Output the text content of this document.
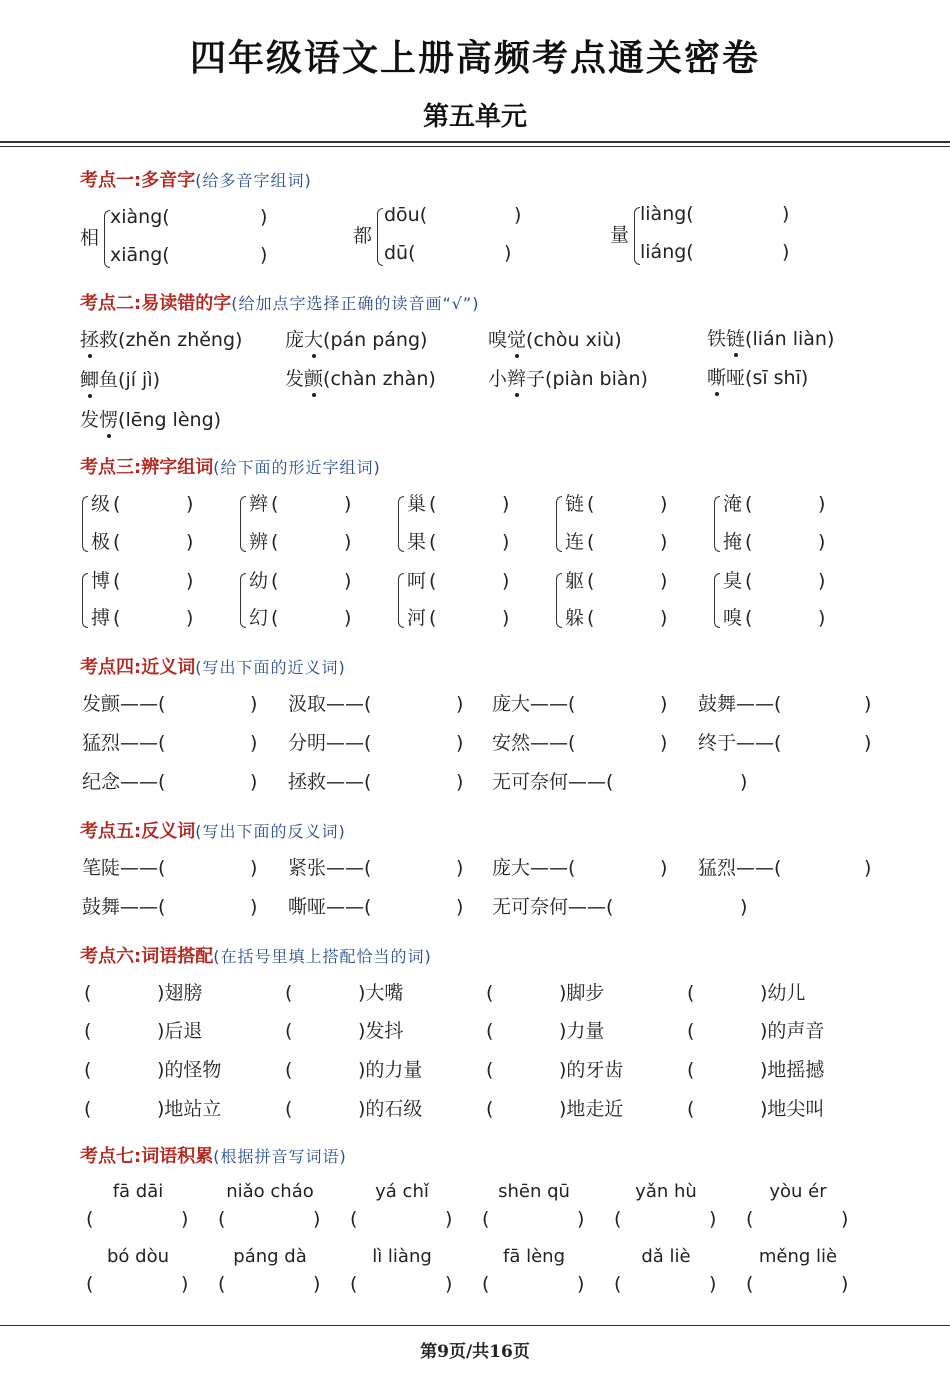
四年级语文上册高频考点通关密卷
第五单元
考点一:多音字(给多音字组词)
相
xiàng(	)
xiāng(	)
都
dōu(	)
dū(	)
量
liàng(	)
liáng(	)
考点二:易读错的字(给加点字选择正确的读音画“√”)
拯救(zhěn zhěng) 庞大(pán páng)	嗅觉(chòu xiù)	铁链(lián liàn)
鲫鱼(jí jì)	发颤(chàn zhàn)	小辫子(piàn biàn)	嘶哑(sī shī)
发愣(lēng lèng)
考点三:辨字组词(给下面的形近字组词)
级 (	)
极 (	)
辫 (	)
辨 (	)
巢 (	)
果 (	)
链 (	)
连 (	)
淹 (	)
掩 (	)
博 (	)
搏 (	)
幼 (	)
幻 (	)
呵 (	)
河 (	)
躯 (	)
躲 (	)
臭 (	)
嗅 (	)
考点四:近义词(写出下面的近义词)
发颤——(	) 汲取——(	) 庞大——(	) 鼓舞——(	)
猛烈——(	) 分明——(	) 安然——(	) 终于——(	)
纪念——(	) 拯救——(	) 无可奈何——(	)
考点五:反义词(写出下面的反义词)
笔陡——(	) 紧张——(	) 庞大——(	) 猛烈——(	)
鼓舞——(	) 嘶哑——(	) 无可奈何——(	)
考点六:词语搭配(在括号里填上搭配恰当的词)
(	)翅膀	(	)大嘴	(	)脚步	(	)幼儿
(	)后退	(	)发抖	(	)力量	(	)的声音
(	)的怪物	(	)的力量	(	)的牙齿	(	)地摇撼
(	)地站立	(	)的石级	(	)地走近	(	)地尖叫
考点七:词语积累(根据拼音写词语)
fā dāi
(	)
niǎo cháo
(	)
yá chǐ
(	)
shēn qū
(	)
yǎn hù
(	)
yòu ér
(	)
bó dòu
(	)
páng dà
(	)
lì liàng
(	)
fā lèng
(	)
dǎ liè
(	)
měng liè
(	)
第9页/共16页
